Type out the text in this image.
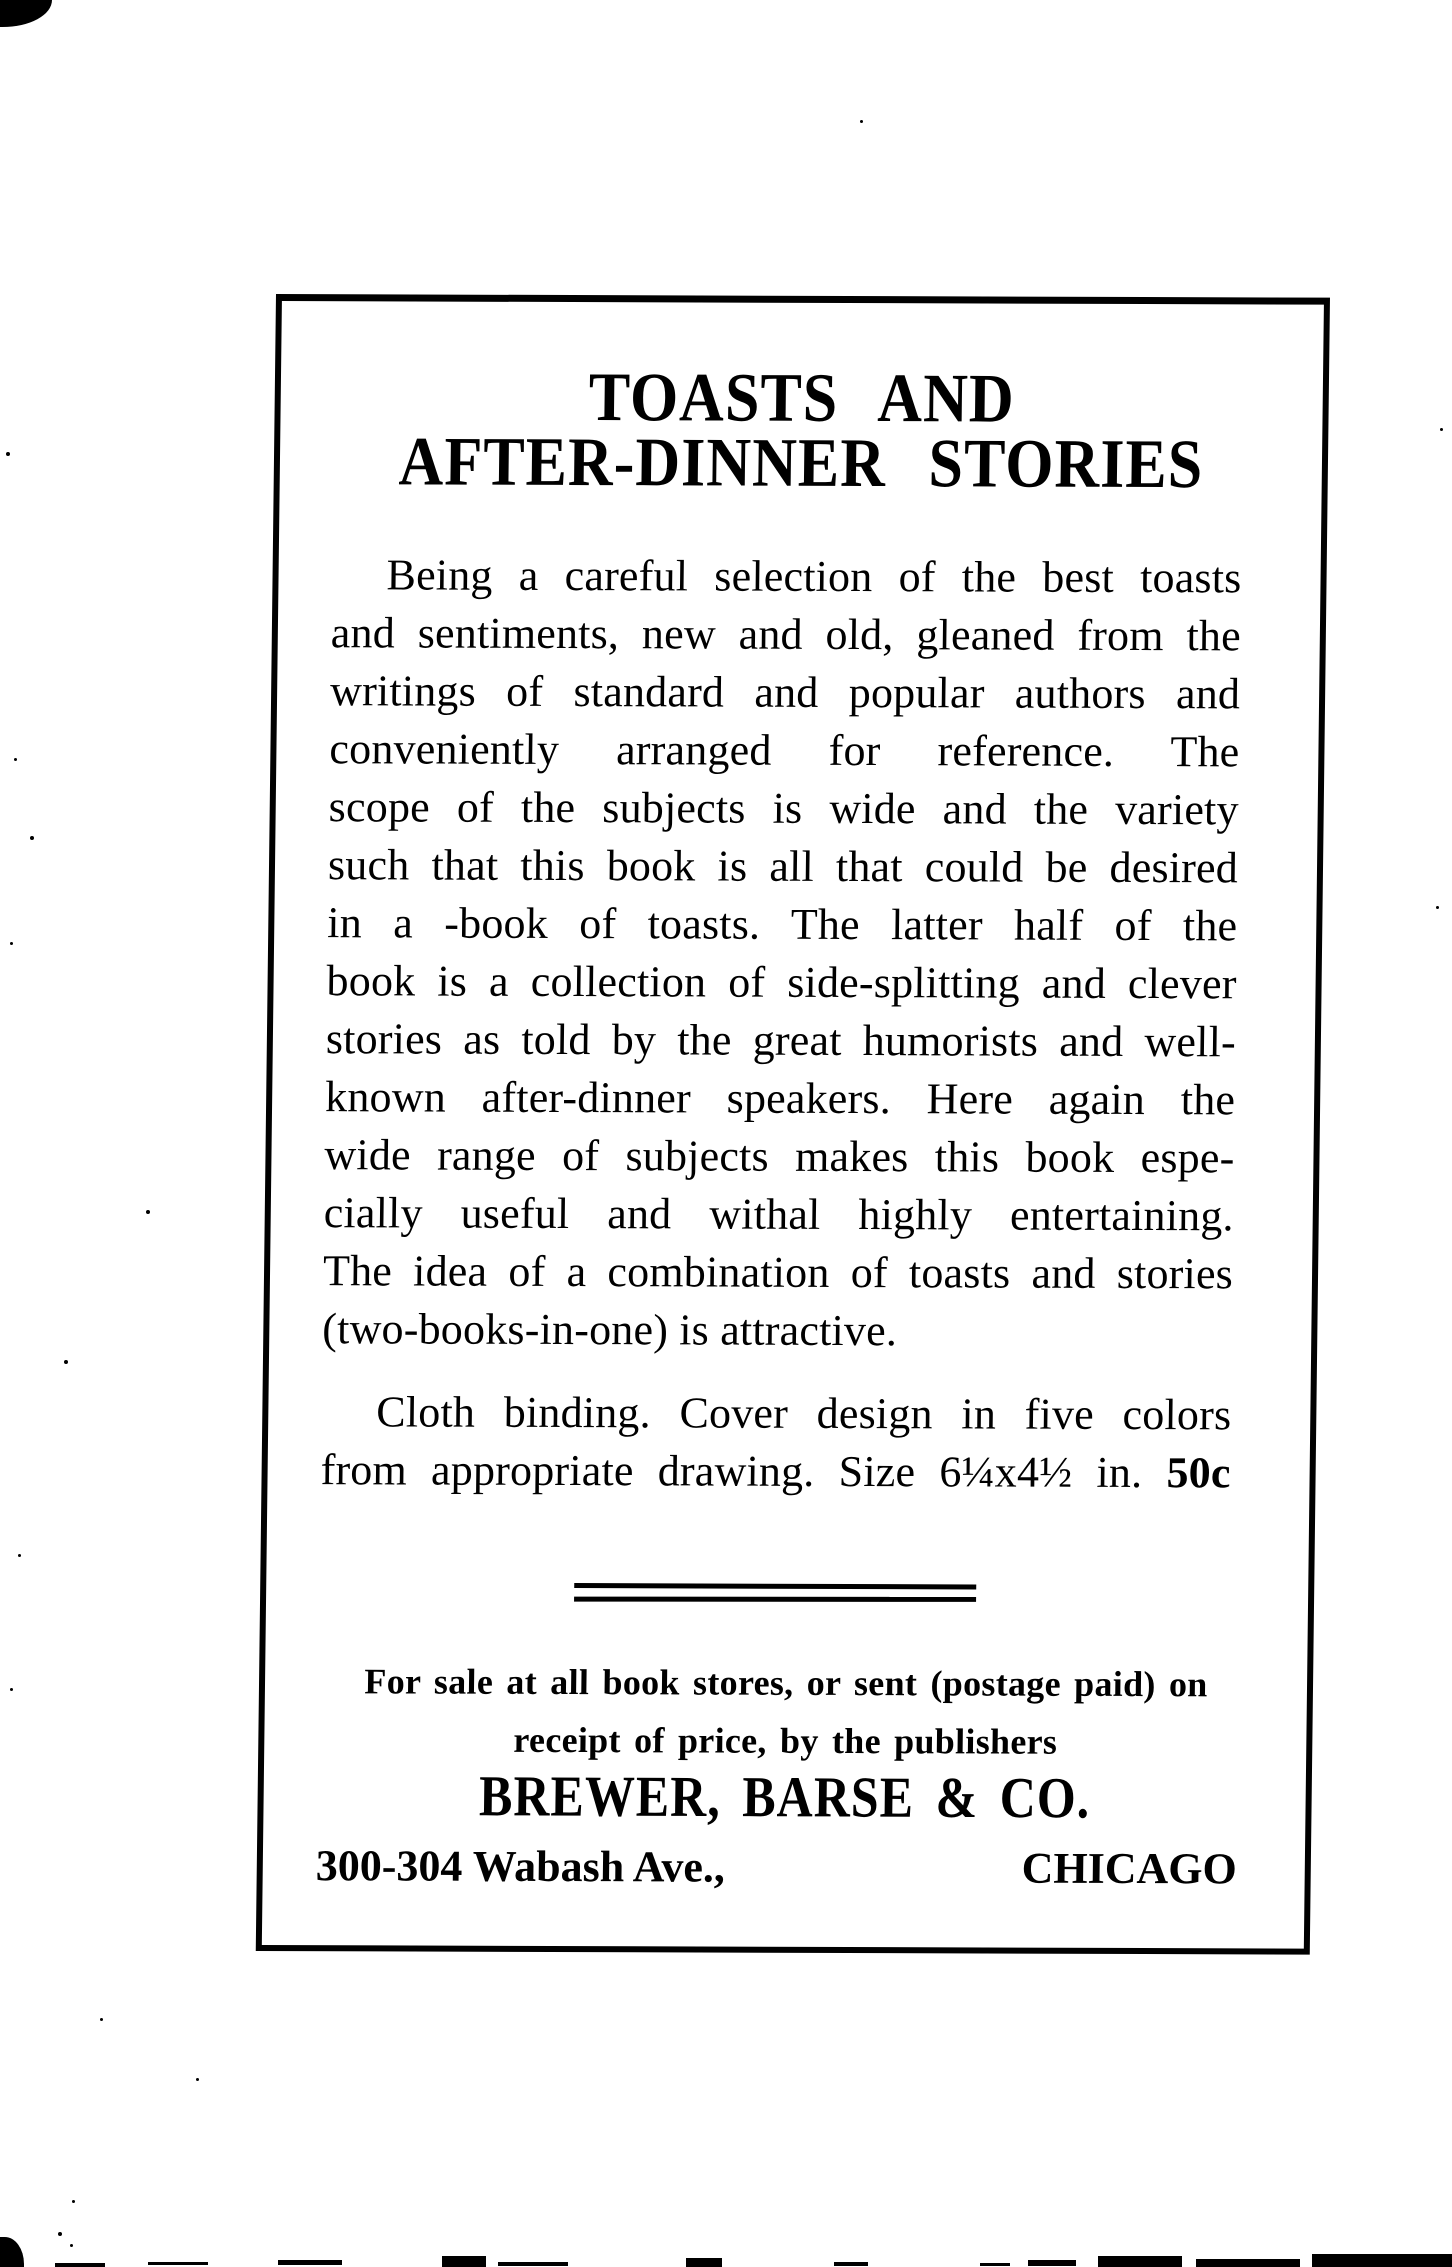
TOASTS AND
AFTER-DINNER STORIES
Being a careful selection of the best toasts
and sentiments, new and old, gleaned from the
writings of standard and popular authors and
conveniently arranged for reference. The
scope of the subjects is wide and the variety
such that this book is all that could be desired
in a -book of toasts. The latter half of the
book is a collection of side-splitting and clever
stories as told by the great humorists and well-
known after-dinner speakers. Here again the
wide range of subjects makes this book espe-
cially useful and withal highly entertaining.
The idea of a combination of toasts and stories
(two-books-in-one) is attractive.
Cloth binding. Cover design in five colors
from appropriate drawing. Size 6¼x4½ in. 50c
For sale at all book stores, or sent (postage paid) on
receipt of price, by the publishers
BREWER, BARSE & CO.
300-304 Wabash Ave.,	CHICAGO
